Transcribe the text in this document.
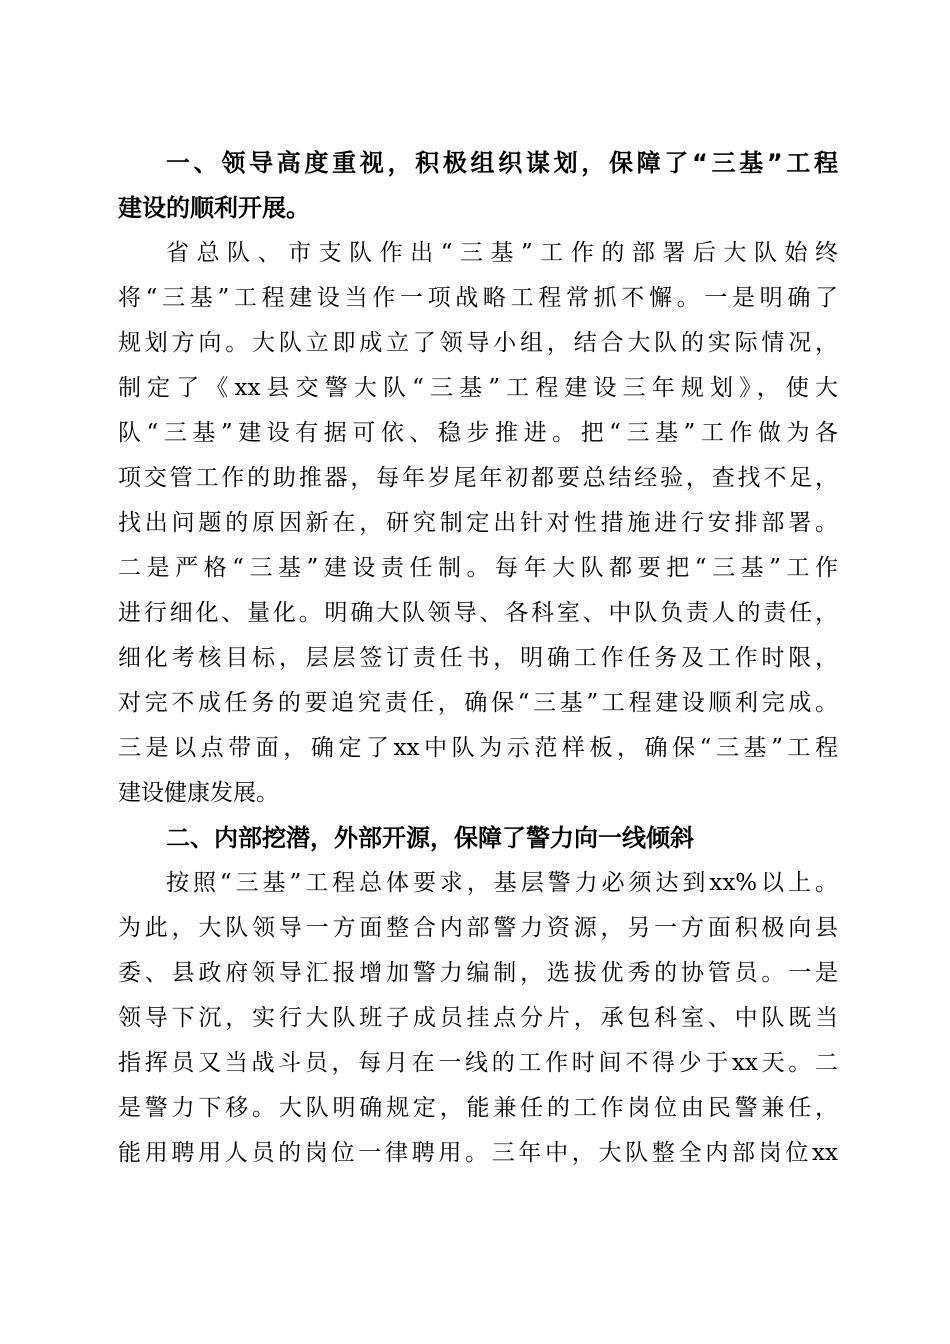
一、领导高度重视，积极组织谋划，保障了“三基”工程

建设的顺利开展。

省总队、市支队作出“三基”工作的部署后大队始终

将“三基”工程建设当作一项战略工程常抓不懈。一是明确了

规划方向。大队立即成立了领导小组，结合大队的实际情况，

制定了《xx县交警大队“三基”工程建设三年规划》，使大

队“三基”建设有据可依、稳步推进。把“三基”工作做为各

项交管工作的助推器，每年岁尾年初都要总结经验，查找不足，

找出问题的原因新在，研究制定出针对性措施进行安排部署。

二是严格“三基”建设责任制。每年大队都要把“三基”工作

进行细化、量化。明确大队领导、各科室、中队负责人的责任，

细化考核目标，层层签订责任书，明确工作任务及工作时限，

对完不成任务的要追究责任，确保“三基”工程建设顺利完成。

三是以点带面，确定了xx中队为示范样板，确保“三基”工程

建设健康发展。

二、内部挖潜，外部开源，保障了警力向一线倾斜

按照“三基”工程总体要求，基层警力必须达到xx%以上。

为此，大队领导一方面整合内部警力资源，另一方面积极向县

委、县政府领导汇报增加警力编制，选拔优秀的协管员。一是

领导下沉，实行大队班子成员挂点分片，承包科室、中队既当

指挥员又当战斗员，每月在一线的工作时间不得少于xx天。二

是警力下移。大队明确规定，能兼任的工作岗位由民警兼任，

能用聘用人员的岗位一律聘用。三年中，大队整全内部岗位xx
